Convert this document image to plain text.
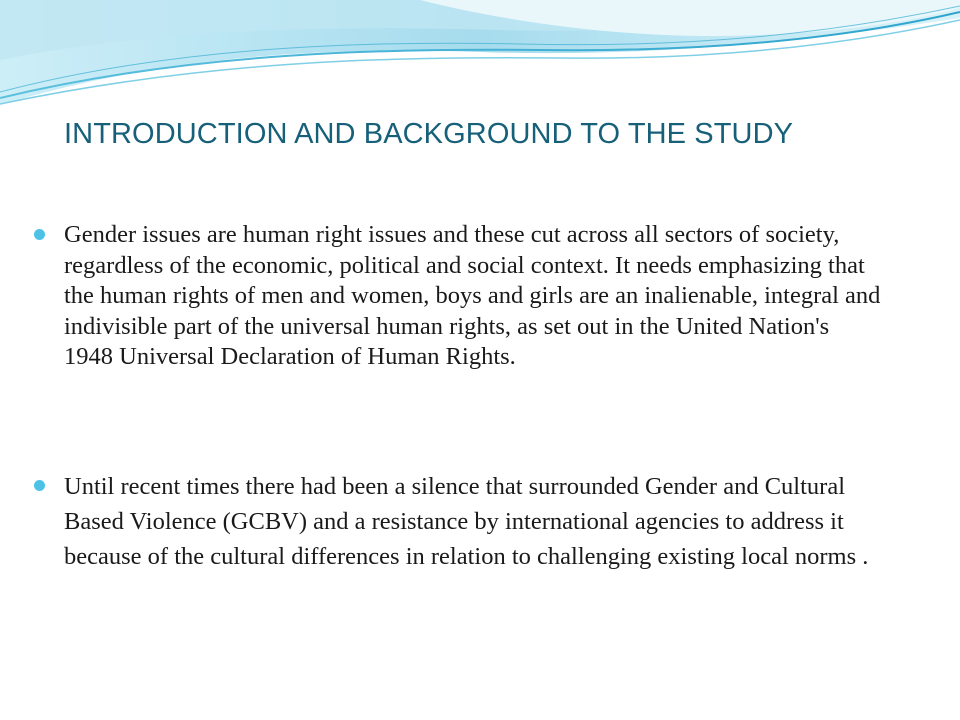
INTRODUCTION AND BACKGROUND TO THE STUDY
Gender issues are human right issues and these cut across all sectors of society, regardless of the economic, political and social context. It needs emphasizing that the human rights of men and women, boys and girls are an inalienable, integral and indivisible part of the universal human rights, as set out in the United Nation's 1948 Universal Declaration of Human Rights.
Until recent times there had been a silence that surrounded Gender and Cultural Based Violence (GCBV) and a resistance by international agencies to address it because of the cultural differences in relation to challenging existing local norms .
